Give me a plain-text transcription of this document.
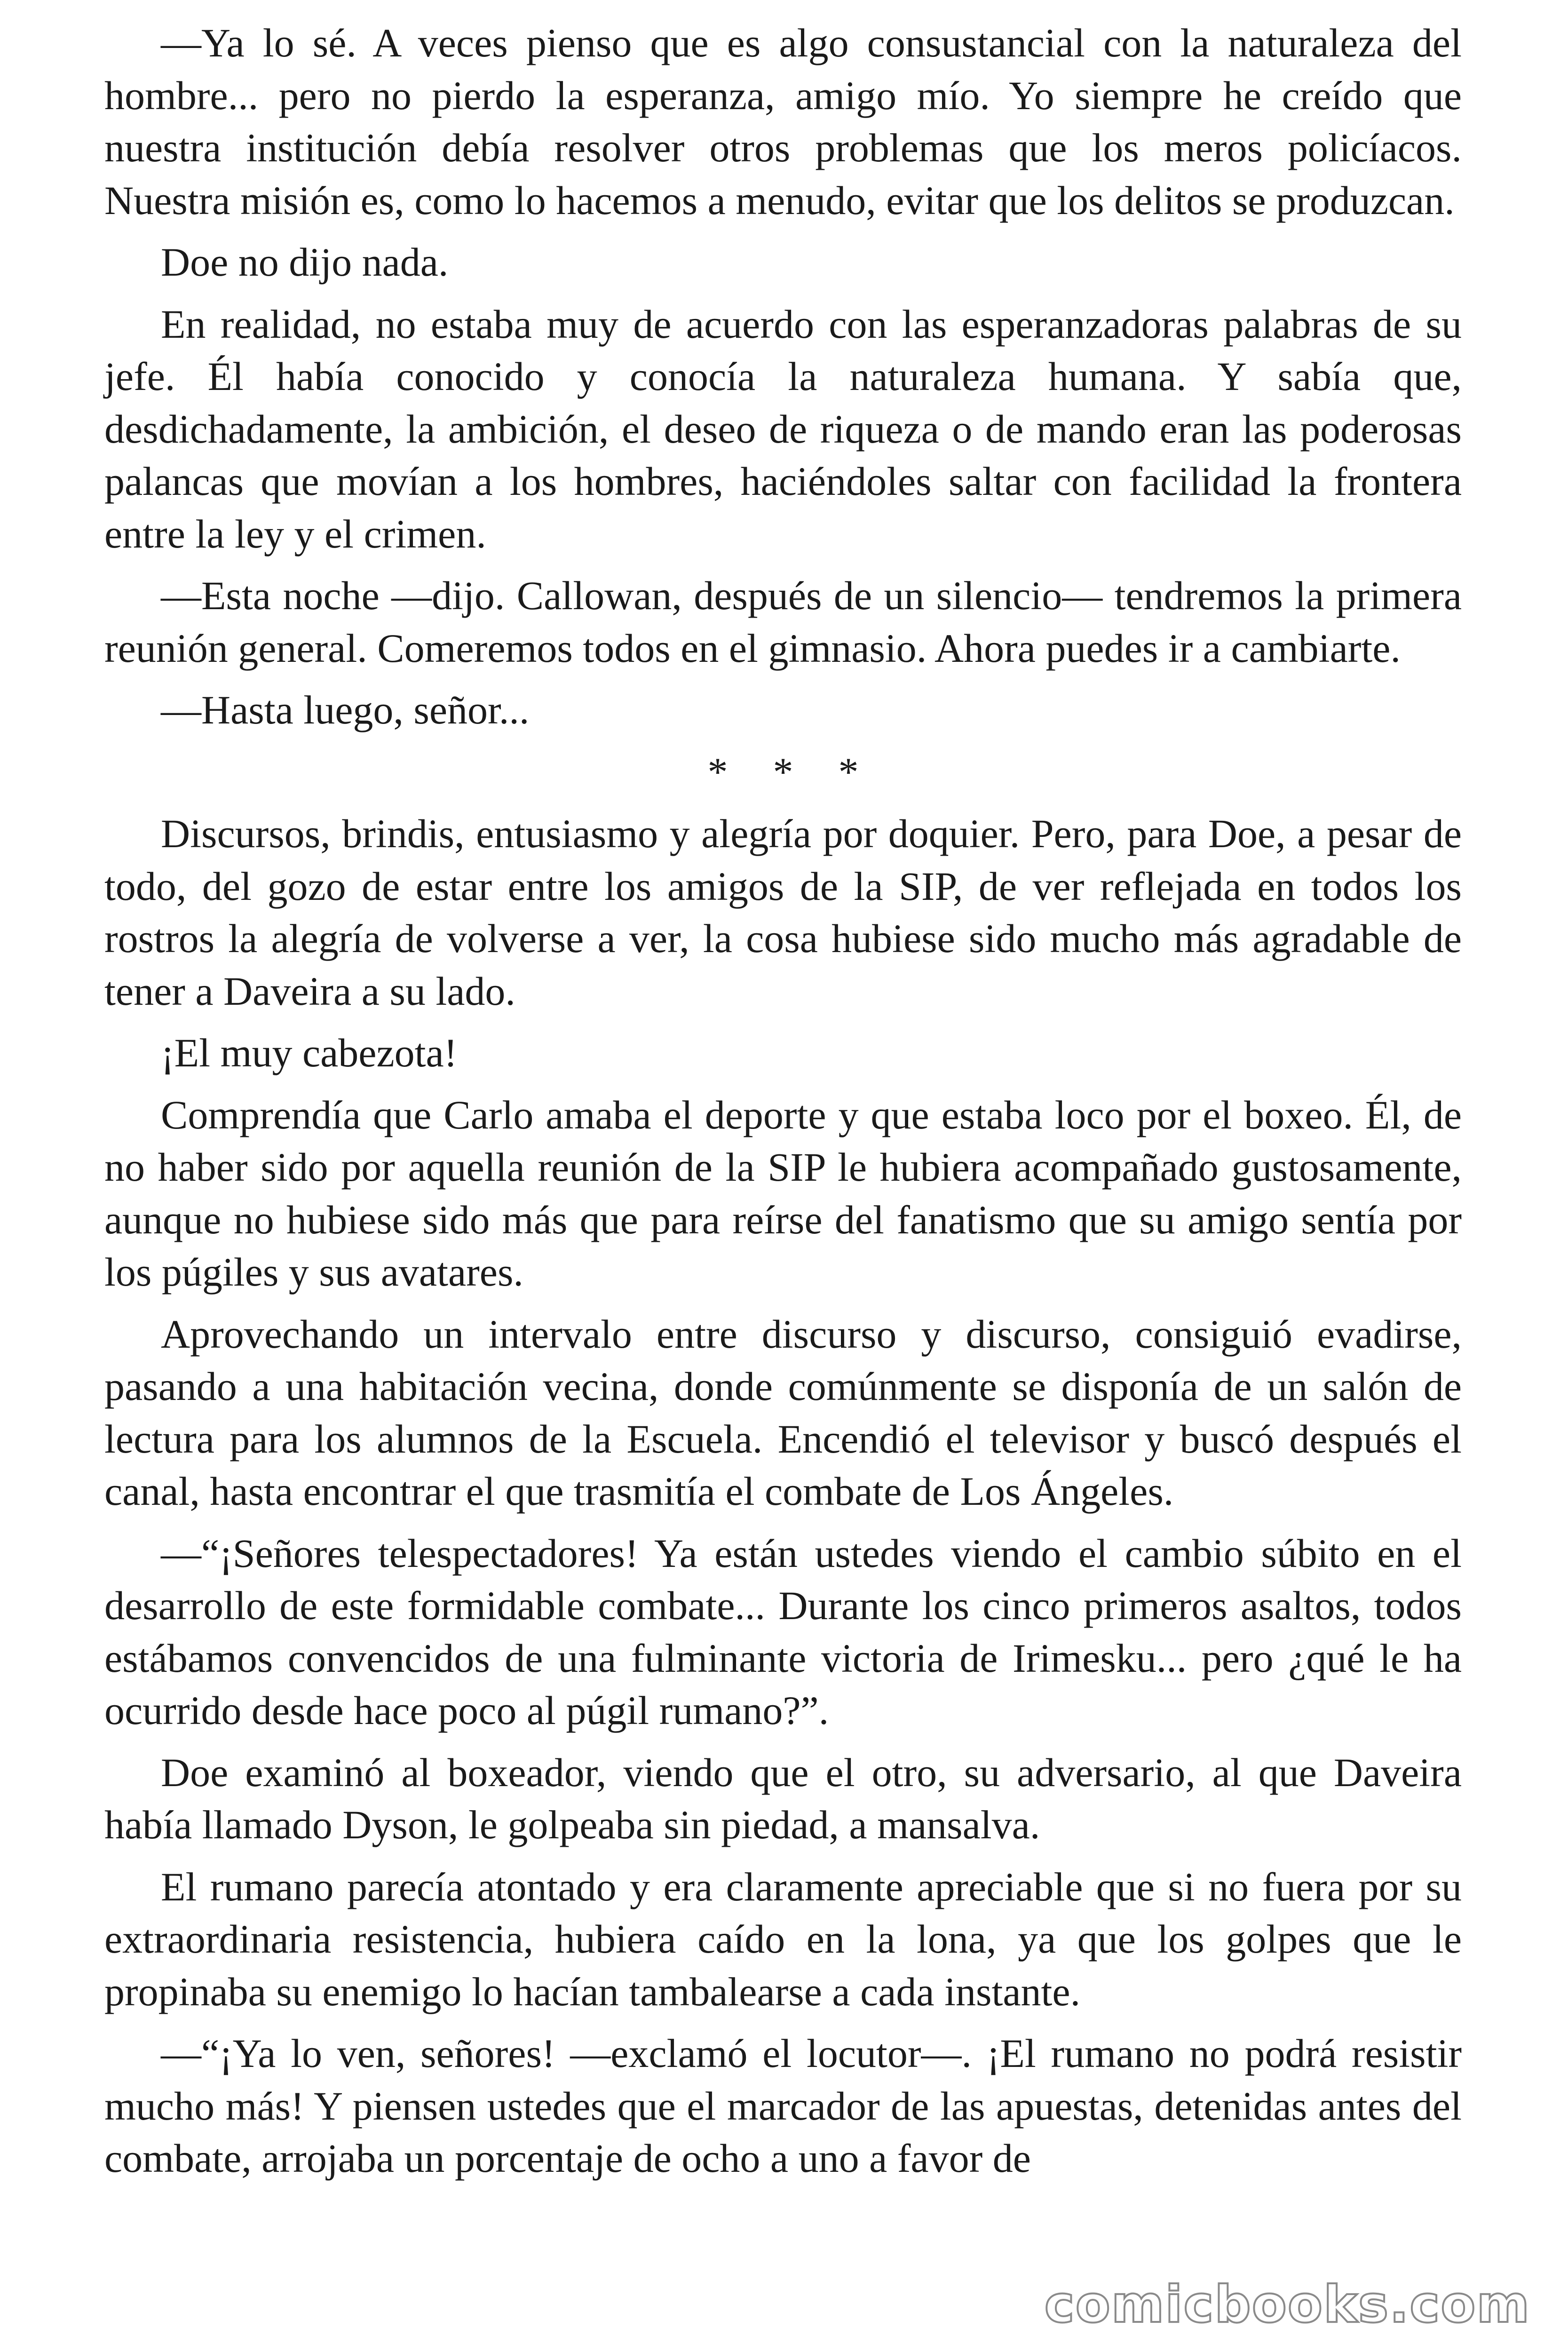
—Ya lo sé. A veces pienso que es algo consustancial con la naturaleza del hombre... pero no pierdo la esperanza, amigo mío. Yo siempre he creído que nuestra institución debía resolver otros problemas que los meros policíacos. Nuestra misión es, como lo hacemos a menudo, evitar que los delitos se produzcan.

Doe no dijo nada.

En realidad, no estaba muy de acuerdo con las esperanzadoras palabras de su jefe. Él había conocido y conocía la naturaleza humana. Y sabía que, desdichadamente, la ambición, el deseo de riqueza o de mando eran las poderosas palancas que movían a los hombres, haciéndoles saltar con facilidad la frontera entre la ley y el crimen.

—Esta noche —dijo. Callowan, después de un silencio— tendremos la primera reunión general. Comeremos todos en el gimnasio. Ahora puedes ir a cambiarte.

—Hasta luego, señor...

* * *

Discursos, brindis, entusiasmo y alegría por doquier. Pero, para Doe, a pesar de todo, del gozo de estar entre los amigos de la SIP, de ver reflejada en todos los rostros la alegría de volverse a ver, la cosa hubiese sido mucho más agradable de tener a Daveira a su lado.

¡El muy cabezota!

Comprendía que Carlo amaba el deporte y que estaba loco por el boxeo. Él, de no haber sido por aquella reunión de la SIP le hubiera acompañado gustosamente, aunque no hubiese sido más que para reírse del fanatismo que su amigo sentía por los púgiles y sus avatares.

Aprovechando un intervalo entre discurso y discurso, consiguió evadirse, pasando a una habitación vecina, donde comúnmente se disponía de un salón de lectura para los alumnos de la Escuela. Encendió el televisor y buscó después el canal, hasta encontrar el que trasmitía el combate de Los Ángeles.

—“¡Señores telespectadores! Ya están ustedes viendo el cambio súbito en el desarrollo de este formidable combate... Durante los cinco primeros asaltos, todos estábamos convencidos de una fulminante victoria de Irimesku... pero ¿qué le ha ocurrido desde hace poco al púgil rumano?”.

Doe examinó al boxeador, viendo que el otro, su adversario, al que Daveira había llamado Dyson, le golpeaba sin piedad, a mansalva.

El rumano parecía atontado y era claramente apreciable que si no fuera por su extraordinaria resistencia, hubiera caído en la lona, ya que los golpes que le propinaba su enemigo lo hacían tambalearse a cada instante.

—“¡Ya lo ven, señores! —exclamó el locutor—. ¡El rumano no podrá resistir mucho más! Y piensen ustedes que el marcador de las apuestas, detenidas antes del combate, arrojaba un porcentaje de ocho a uno a favor de

comicbooks.com
